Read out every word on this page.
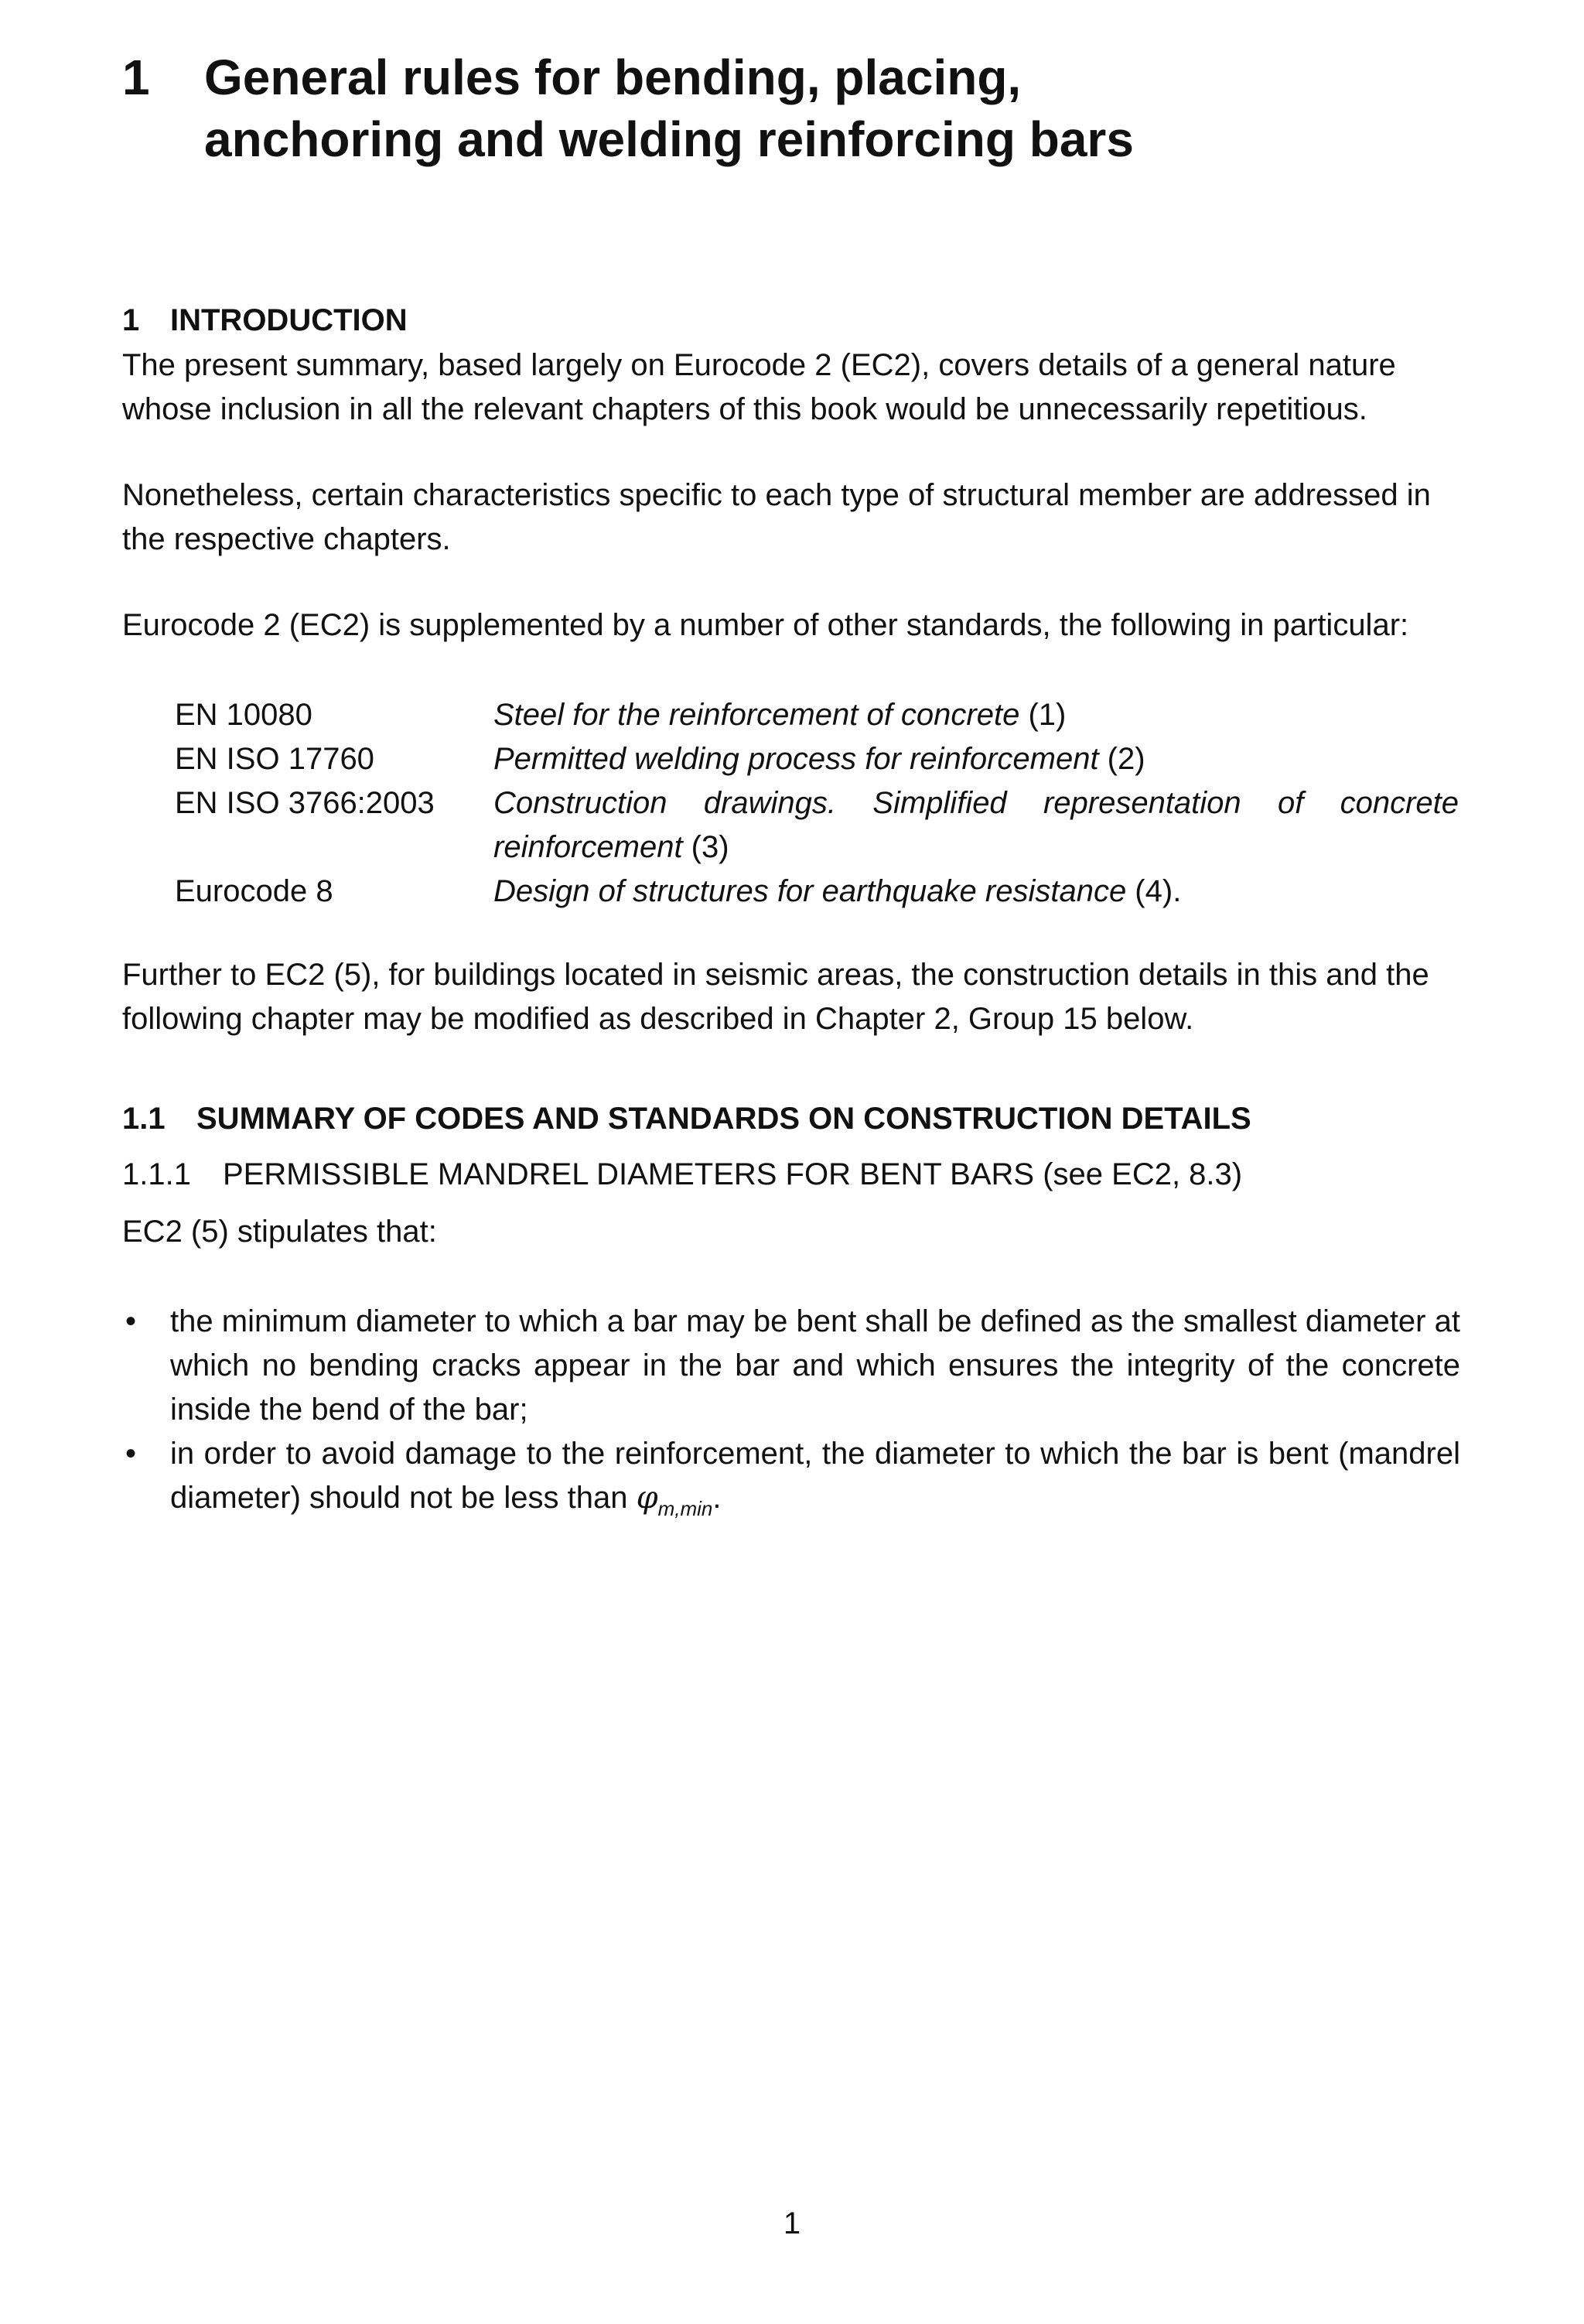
1 General rules for bending, placing,
anchoring and welding reinforcing bars
1 INTRODUCTION

The present summary, based largely on Eurocode 2 (EC2), covers details of a general nature whose inclusion in all the relevant chapters of this book would be unnecessarily repetitious.

Nonetheless, certain characteristics specific to each type of structural member are addressed in the respective chapters.

Eurocode 2 (EC2) is supplemented by a number of other standards, the following in particular:

EN 10080	Steel for the reinforcement of concrete (1)
EN ISO 17760	Permitted welding process for reinforcement (2)
EN ISO 3766:2003	Construction drawings. Simplified representation of concrete reinforcement (3)
Eurocode 8	Design of structures for earthquake resistance (4).

Further to EC2 (5), for buildings located in seismic areas, the construction details in this and the following chapter may be modified as described in Chapter 2, Group 15 below.

1.1 SUMMARY OF CODES AND STANDARDS ON CONSTRUCTION DETAILS
1.1.1 PERMISSIBLE MANDREL DIAMETERS FOR BENT BARS (see EC2, 8.3)

EC2 (5) stipulates that:

• the minimum diameter to which a bar may be bent shall be defined as the smallest diameter at which no bending cracks appear in the bar and which ensures the integrity of the concrete inside the bend of the bar;
• in order to avoid damage to the reinforcement, the diameter to which the bar is bent (mandrel diameter) should not be less than $\varphi_{m,min}$.
1
